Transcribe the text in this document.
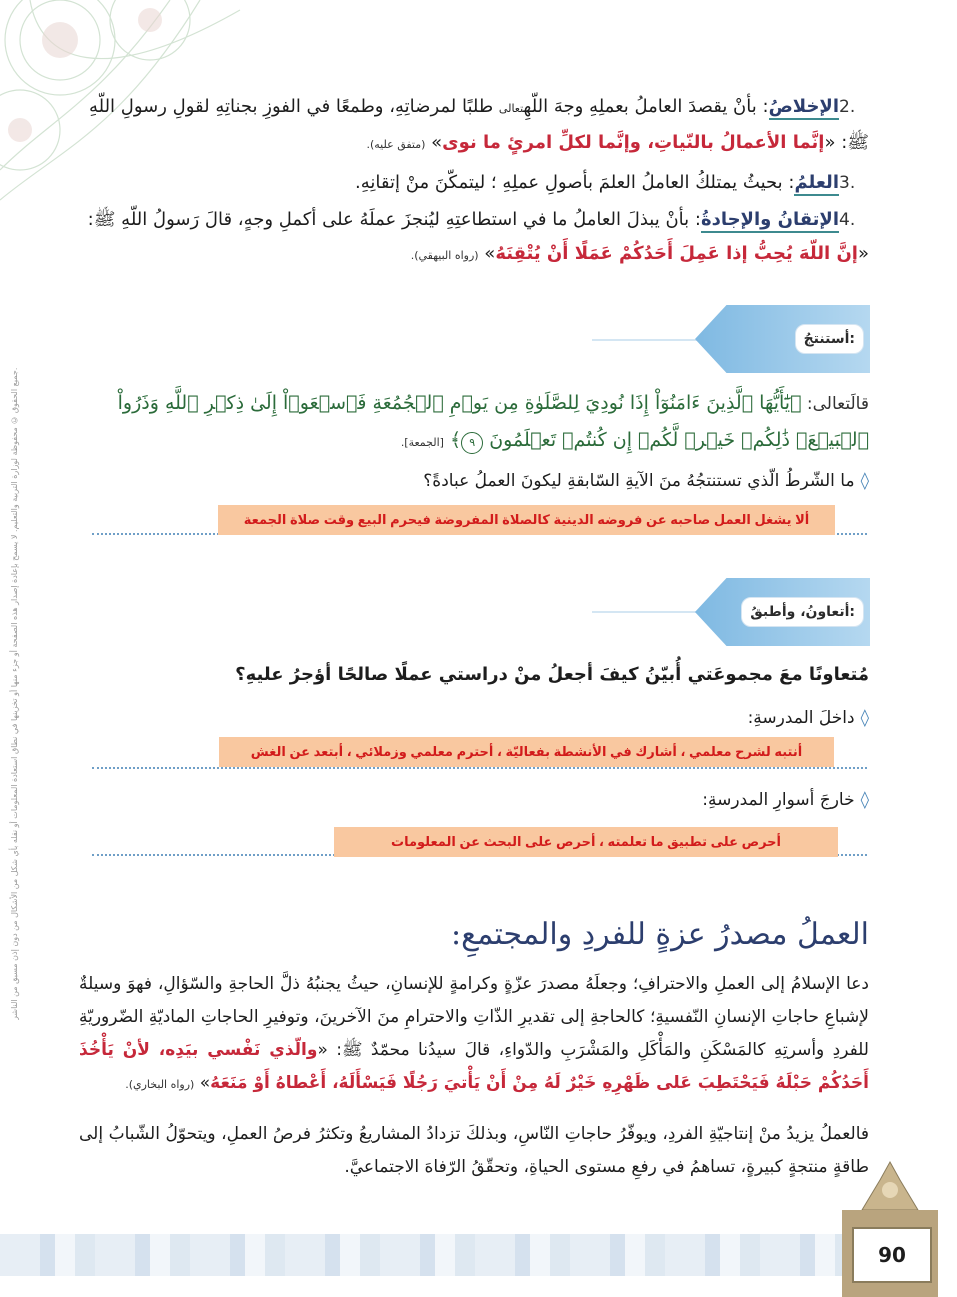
جميع الحقوق © محفوظة لوزارة التربية والتعليم. لا يسمح بإعادة إصدار هذه الصفحة أو جزء منها أو تخزينها في نطاق استعادة المعلومات أو نقله بأي شكل من الأشكال من دون إذن مسبق من الناشر.
.2الإخلاصُ: بأنْ يقصدَ العاملُ بعملِهِ وجهَ اللّهِتعالى طلبًا لمرضاتِهِ، وطمعًا في الفوزِ بجناتِهِ لقولِ رسولِ اللّهِ ﷺ: «إنَّما الأعمالُ بالنّياتِ، وإنَّما لكلِّ امرئٍ ما نوى» (متفق عليه).
.3العلمُ: بحيثُ يمتلكُ العاملُ العلمَ بأصولِ عملِهِ ؛ ليتمكّنَ منْ إتقانِهِ.
.4الإتقانُ والإجادةُ: بأنْ يبذلَ العاملُ ما في استطاعتِهِ ليُنجزَ عملَهُ على أكملِ وجهٍ، قالَ رَسولُ اللّهِ ﷺ: «إنَّ اللّهَ يُحِبُّ إذا عَمِلَ أَحَدُكُمْ عَمَلًا أَنْ يُتْقِنَهُ» (رواه البيهقي).
أستنتجُ:
قالَتعالى: ﴿يَٰٓأَيُّهَا ٱلَّذِينَ ءَامَنُوٓاْ إِذَا نُودِيَ لِلصَّلَوٰةِ مِن يَوۡمِ ٱلۡجُمُعَةِ فَٱسۡعَوۡاْ إِلَىٰ ذِكۡرِ ٱللَّهِ وَذَرُواْ ٱلۡبَيۡعَۚ ذَٰلِكُمۡ خَيۡرٞ لَّكُمۡ إِن كُنتُمۡ تَعۡلَمُونَ ٩﴾ [الجمعة].
◊ما الشّرطُ الّذي تستنتجُهُ منَ الآيةِ السّابقةِ ليكونَ العملُ عبادةً؟
ألا يشغل العمل صاحبه عن فروضه الدينية كالصلاة المفروضة فيحرم البيع وقت صلاة الجمعة
أتعاونُ، وأطبقُ:
مُتعاونًا معَ مجموعَتي أُبيّنُ كيفَ أجعلُ منْ دراستي عملًا صالحًا أؤجرُ عليهِ؟
◊داخلَ المدرسةِ:
أنتبه لشرح معلمي ، أشارك في الأنشطة بفعاليّة ، أحترم معلمي وزملائي ، أبتعد عن الغش
◊خارجَ أسوارِ المدرسةِ:
أحرص على تطبيق ما تعلمته ، أحرص على البحث عن المعلومات
العملُ مصدرُ عزةٍ للفردِ والمجتمعِ:
دعا الإسلامُ إلى العملِ والاحترافِ؛ وجعلَهُ مصدرَ عزّةٍ وكرامةٍ للإنسانِ، حيثُ يجنبُهُ ذلَّ الحاجةِ والسّؤالِ، فهوَ وسيلةٌ لإشباعِ حاجاتِ الإنسانِ النّفسيةِ؛ كالحاجةِ إلى تقديرِ الذّاتِ والاحترامِ منَ الآخرينَ، وتوفيرِ الحاجاتِ الماديّةِ الضّروريّةِ للفردِ وأسرتِهِ كالمَسْكَنِ والمَأْكَلِ والمَشْرَبِ والدّواءِ، قالَ سيدُنا محمّدٌ ﷺ: «والّذي نَفْسي بيَدِه، لأنْ يَأْخُذَ أَحَدُكُمْ حَبْلَهُ فَيَحْتَطِبَ عَلى ظَهْرِهِ خَيْرٌ لَهُ مِنْ أَنْ يَأْتيَ رَجُلًا فَيَسْأَلَهُ، أَعْطاهُ أَوْ مَنَعَهُ» (رواه البخاري).
فالعملُ يزيدُ منْ إنتاجيّةِ الفردِ، ويوفّرُ حاجاتِ النّاسِ، وبذلكَ تزدادُ المشاريعُ وتكثرُ فرصُ العملِ، ويتحوّلُ الشّبابُ إلى طاقةٍ منتجةٍ كبيرةٍ، تساهمُ في رفعِ مستوى الحياةِ، وتحقّقُ الرّفاهَ الاجتماعيَّ.
90
